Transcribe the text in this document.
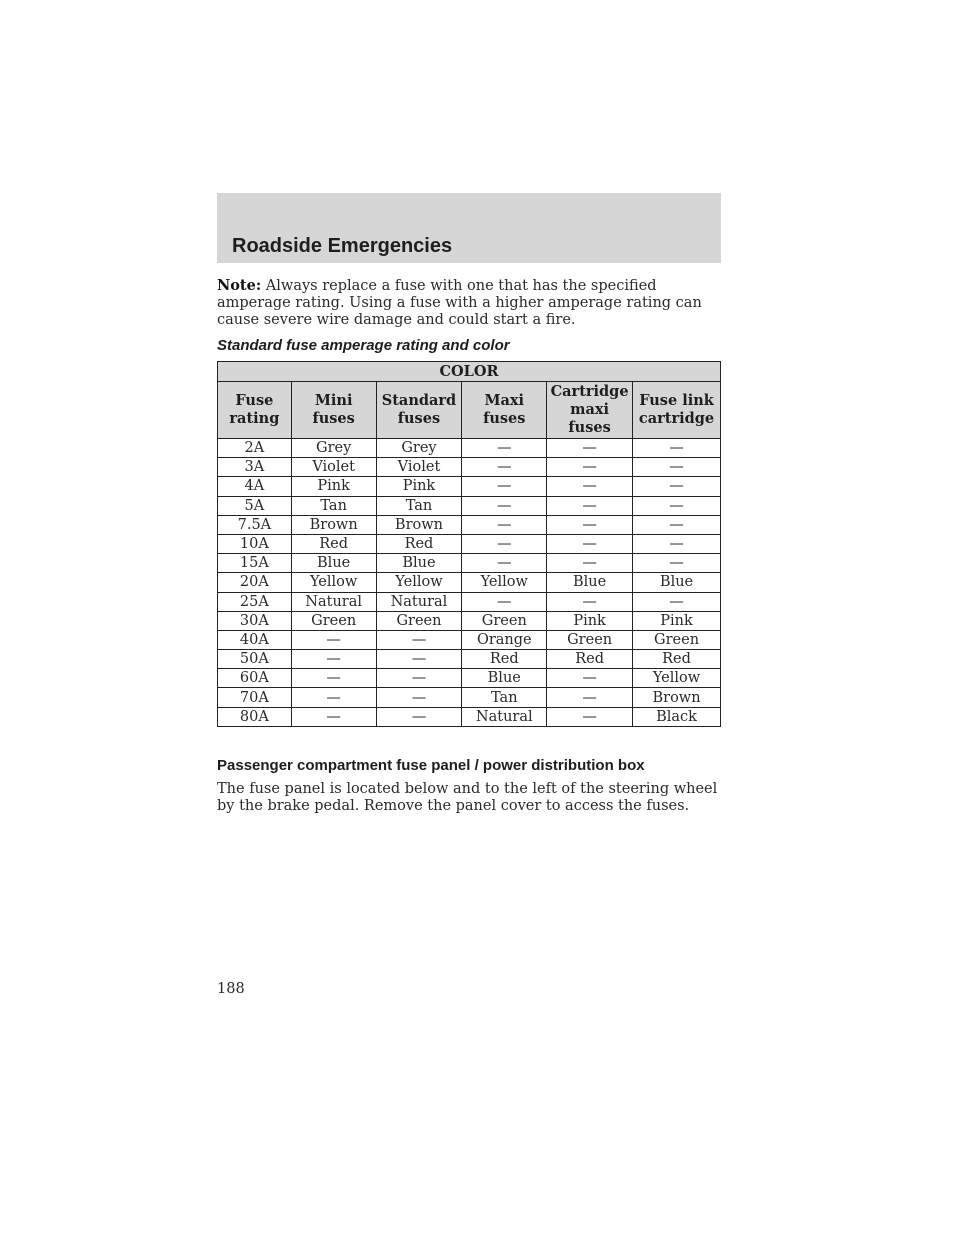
Roadside Emergencies
Note: Always replace a fuse with one that has the specified amperage rating. Using a fuse with a higher amperage rating can cause severe wire damage and could start a fire.
Standard fuse amperage rating and color
COLOR					
Fuse rating	Mini fuses	Standard fuses	Maxi fuses	Cartridge maxi fuses	Fuse link cartridge
2A	Grey	Grey	—	—	—
3A	Violet	Violet	—	—	—
4A	Pink	Pink	—	—	—
5A	Tan	Tan	—	—	—
7.5A	Brown	Brown	—	—	—
10A	Red	Red	—	—	—
15A	Blue	Blue	—	—	—
20A	Yellow	Yellow	Yellow	Blue	Blue
25A	Natural	Natural	—	—	—
30A	Green	Green	Green	Pink	Pink
40A	—	—	Orange	Green	Green
50A	—	—	Red	Red	Red
60A	—	—	Blue	—	Yellow
70A	—	—	Tan	—	Brown
80A	—	—	Natural	—	Black
Passenger compartment fuse panel / power distribution box
The fuse panel is located below and to the left of the steering wheel by the brake pedal. Remove the panel cover to access the fuses.
188
